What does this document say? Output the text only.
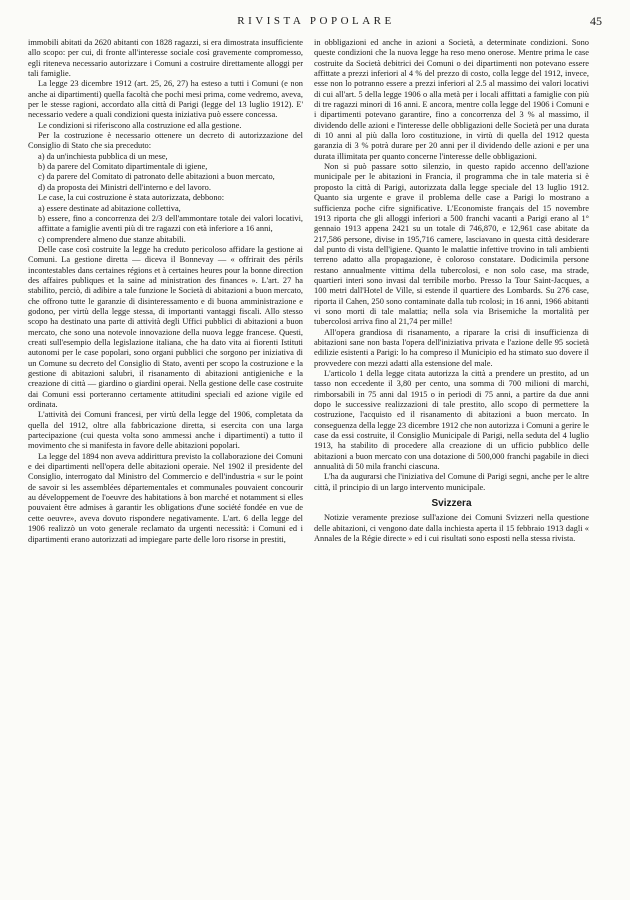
RIVISTA POPOLARE	45

immobili abitati da 2620 abitanti con 1828 ragazzi, si era dimostrata insufficiente allo scopo: per cui, di fronte all'interesse sociale così gravemente compromesso, egli riteneva necessario autorizzare i Comuni a costruire direttamente alloggi per tali famiglie.

La legge 23 dicembre 1912 (art. 25, 26, 27) ha esteso a tutti i Comuni (e non anche ai dipartimenti) quella facoltà che pochi mesi prima, come vedremo, aveva, per le stesse ragioni, accordato alla città di Parigi (legge del 13 luglio 1912). E' necessario vedere a quali condizioni questa iniziativa può essere concessa.

Le condizioni si riferiscono alla costruzione ed alla gestione.

Per la costruzione è necessario ottenere un decreto di autorizzazione del Consiglio di Stato che sia preceduto:

a) da un'inchiesta pubblica di un mese,

b) da parere del Comitato dipartimentale di igiene,

c) da parere del Comitato di patronato delle abitazioni a buon mercato,

d) da proposta dei Ministri dell'interno e del lavoro.

Le case, la cui costruzione è stata autorizzata, debbono:

a) essere destinate ad abitazione collettiva,

b) essere, fino a concorrenza dei 2/3 dell'ammontare totale dei valori locativi, affittate a famiglie aventi più di tre ragazzi con età inferiore a 16 anni,

c) comprendere almeno due stanze abitabili.

Delle case così costruite la legge ha creduto pericoloso affidare la gestione ai Comuni. La gestione diretta — diceva il Bonnevay — « offrirait des périls incontestables dans certaines régions et à certaines heures pour la bonne direction des affaires publiques et la saine ad ministration des finances ». L'art. 27 ha stabilito, perciò, di adibire a tale funzione le Società di abitazioni a buon mercato, che offrono tutte le garanzie di disinteressamento e di buona amministrazione e godono, per virtù della legge stessa, di importanti vantaggi fiscali. Allo stesso scopo ha destinato una parte di attività degli Uffici pubblici di abitazioni a buon mercato, che sono una notevole innovazione della nuova legge francese. Questi, creati sull'esempio della legislazione italiana, che ha dato vita ai fiorenti Istituti autonomi per le case popolari, sono organi pubblici che sorgono per iniziativa di un Comune su decreto del Consiglio di Stato, aventi per scopo la costruzione e la gestione di abitazioni salubri, il risanamento di abitazioni antigieniche e la creazione di città — giardino o giardini operai. Nella gestione delle case costruite dai Comuni essi porteranno certamente attitudini speciali ed azione vigile ed ordinata.

L'attività dei Comuni francesi, per virtù della legge del 1906, completata da quella del 1912, oltre alla fabbricazione diretta, si esercita con una larga partecipazione (cui questa volta sono ammessi anche i dipartimenti) a tutto il movimento che si manifesta in favore delle abitazioni popolari.

La legge del 1894 non aveva addirittura previsto la collaborazione dei Comuni e dei dipartimenti nell'opera delle abitazioni operaie. Nel 1902 il presidente del Consiglio, interrogato dal Ministro del Commercio e dell'industria « sur le point de savoir si les assemblées départementales et communales pouvaient concourir au développement de l'oeuvre des habitations à bon marché et notamment si elles pouvaient être admises à garantir les obligations d'une société fondée en vue de cette oeuvre», aveva dovuto rispondere negativamente. L'art. 6 della legge del 1906 realizzò un voto generale reclamato da urgenti necessità: i Comuni ed i dipartimenti erano autorizzati ad impiegare parte delle loro risorse in prestiti,

in obbligazioni ed anche in azioni a Società, a determinate condizioni. Sono queste condizioni che la nuova legge ha reso meno onerose. Mentre prima le case costruite da Società debitrici dei Comuni o dei dipartimenti non potevano essere affittate a prezzi inferiori al 4 % del prezzo di costo, colla legge del 1912, invece, esse non lo potranno essere a prezzi inferiori al 2.5 al massimo dei valori locativi di cui all'art. 5 della legge 1906 o alla metà per i locali affittati a famiglie con più di tre ragazzi minori di 16 anni. E ancora, mentre colla legge del 1906 i Comuni e i dipartimenti potevano garantire, fino a concorrenza del 3 % al massimo, il dividendo delle azioni e l'interesse delle obbligazioni delle Società per una durata di 10 anni al più dalla loro costituzione, in virtù di quella del 1912 questa garanzia di 3 % potrà durare per 20 anni per il dividendo delle azioni e per una durata illimitata per quanto concerne l'interesse delle obbligazioni.

Non si può passare sotto silenzio, in questo rapido accenno dell'azione municipale per le abitazioni in Francia, il programma che in tale materia si è proposto la città di Parigi, autorizzata dalla legge speciale del 13 luglio 1912. Quanto sia urgente e grave il problema delle case a Parigi lo mostrano a sufficienza poche cifre significative. L'Economiste français del 15 novembre 1913 riporta che gli alloggi inferiori a 500 franchi vacanti a Parigi erano al 1° gennaio 1913 appena 2421 su un totale di 746,870, e 12,961 case abitate da 217,586 persone, divise in 195,716 camere, lasciavano in questa città desiderare dal punto di vista dell'igiene. Quanto le malattie infettive trovino in tali ambienti terreno adatto alla propagazione, è coloroso constatare. Dodicimila persone restano annualmente vittima della tubercolosi, e non solo case, ma strade, quartieri interi sono invasi dal terribile morbo. Presso la Tour Saint-Jacques, a 100 metri dall'Hotel de Ville, si estende il quartiere des Lombards. Su 276 case, riporta il Cahen, 250 sono contaminate dalla tub rcolosi; in 16 anni, 1966 abitanti vi sono morti di tale malattia; nella sola via Brisemiche la mortalità per tubercolosi arriva fino al 21,74 per mille!

All'opera grandiosa di risanamento, a riparare la crisi di insufficienza di abitazioni sane non basta l'opera dell'iniziativa privata e l'azione delle 95 società edilizie esistenti a Parigi: lo ha compreso il Municipio ed ha stimato suo dovere il provvedere con mezzi adatti alla estensione del male.

L'articolo 1 della legge citata autorizza la città a prendere un prestito, ad un tasso non eccedente il 3,80 per cento, una somma di 700 milioni di marchi, rimborsabili in 75 anni dal 1915 o in periodi di 75 anni, a partire da due anni dopo le successive realizzazioni di tale prestito, allo scopo di permettere la costruzione, l'acquisto ed il risanamento di abitazioni a buon mercato. In conseguenza della legge 23 dicembre 1912 che non autorizza i Comuni a gerire le case da essi costruite, il Consiglio Municipale di Parigi, nella seduta del 4 luglio 1913, ha stabilito di procedere alla creazione di un ufficio pubblico delle abitazioni a buon mercato con una dotazione di 500,000 franchi pagabile in dieci annualità di 50 mila franchi ciascuna.

L'ha da augurarsi che l'iniziativa del Comune di Parigi segni, anche per le altre città, il principio di un largo intervento municipale.

Svizzera

Notizie veramente preziose sull'azione dei Comuni Svizzeri nella questione delle abitazioni, ci vengono date dalla inchiesta aperta il 15 febbraio 1913 dagli « Annales de la Régie directe » ed i cui risultati sono esposti nella stessa rivista.
